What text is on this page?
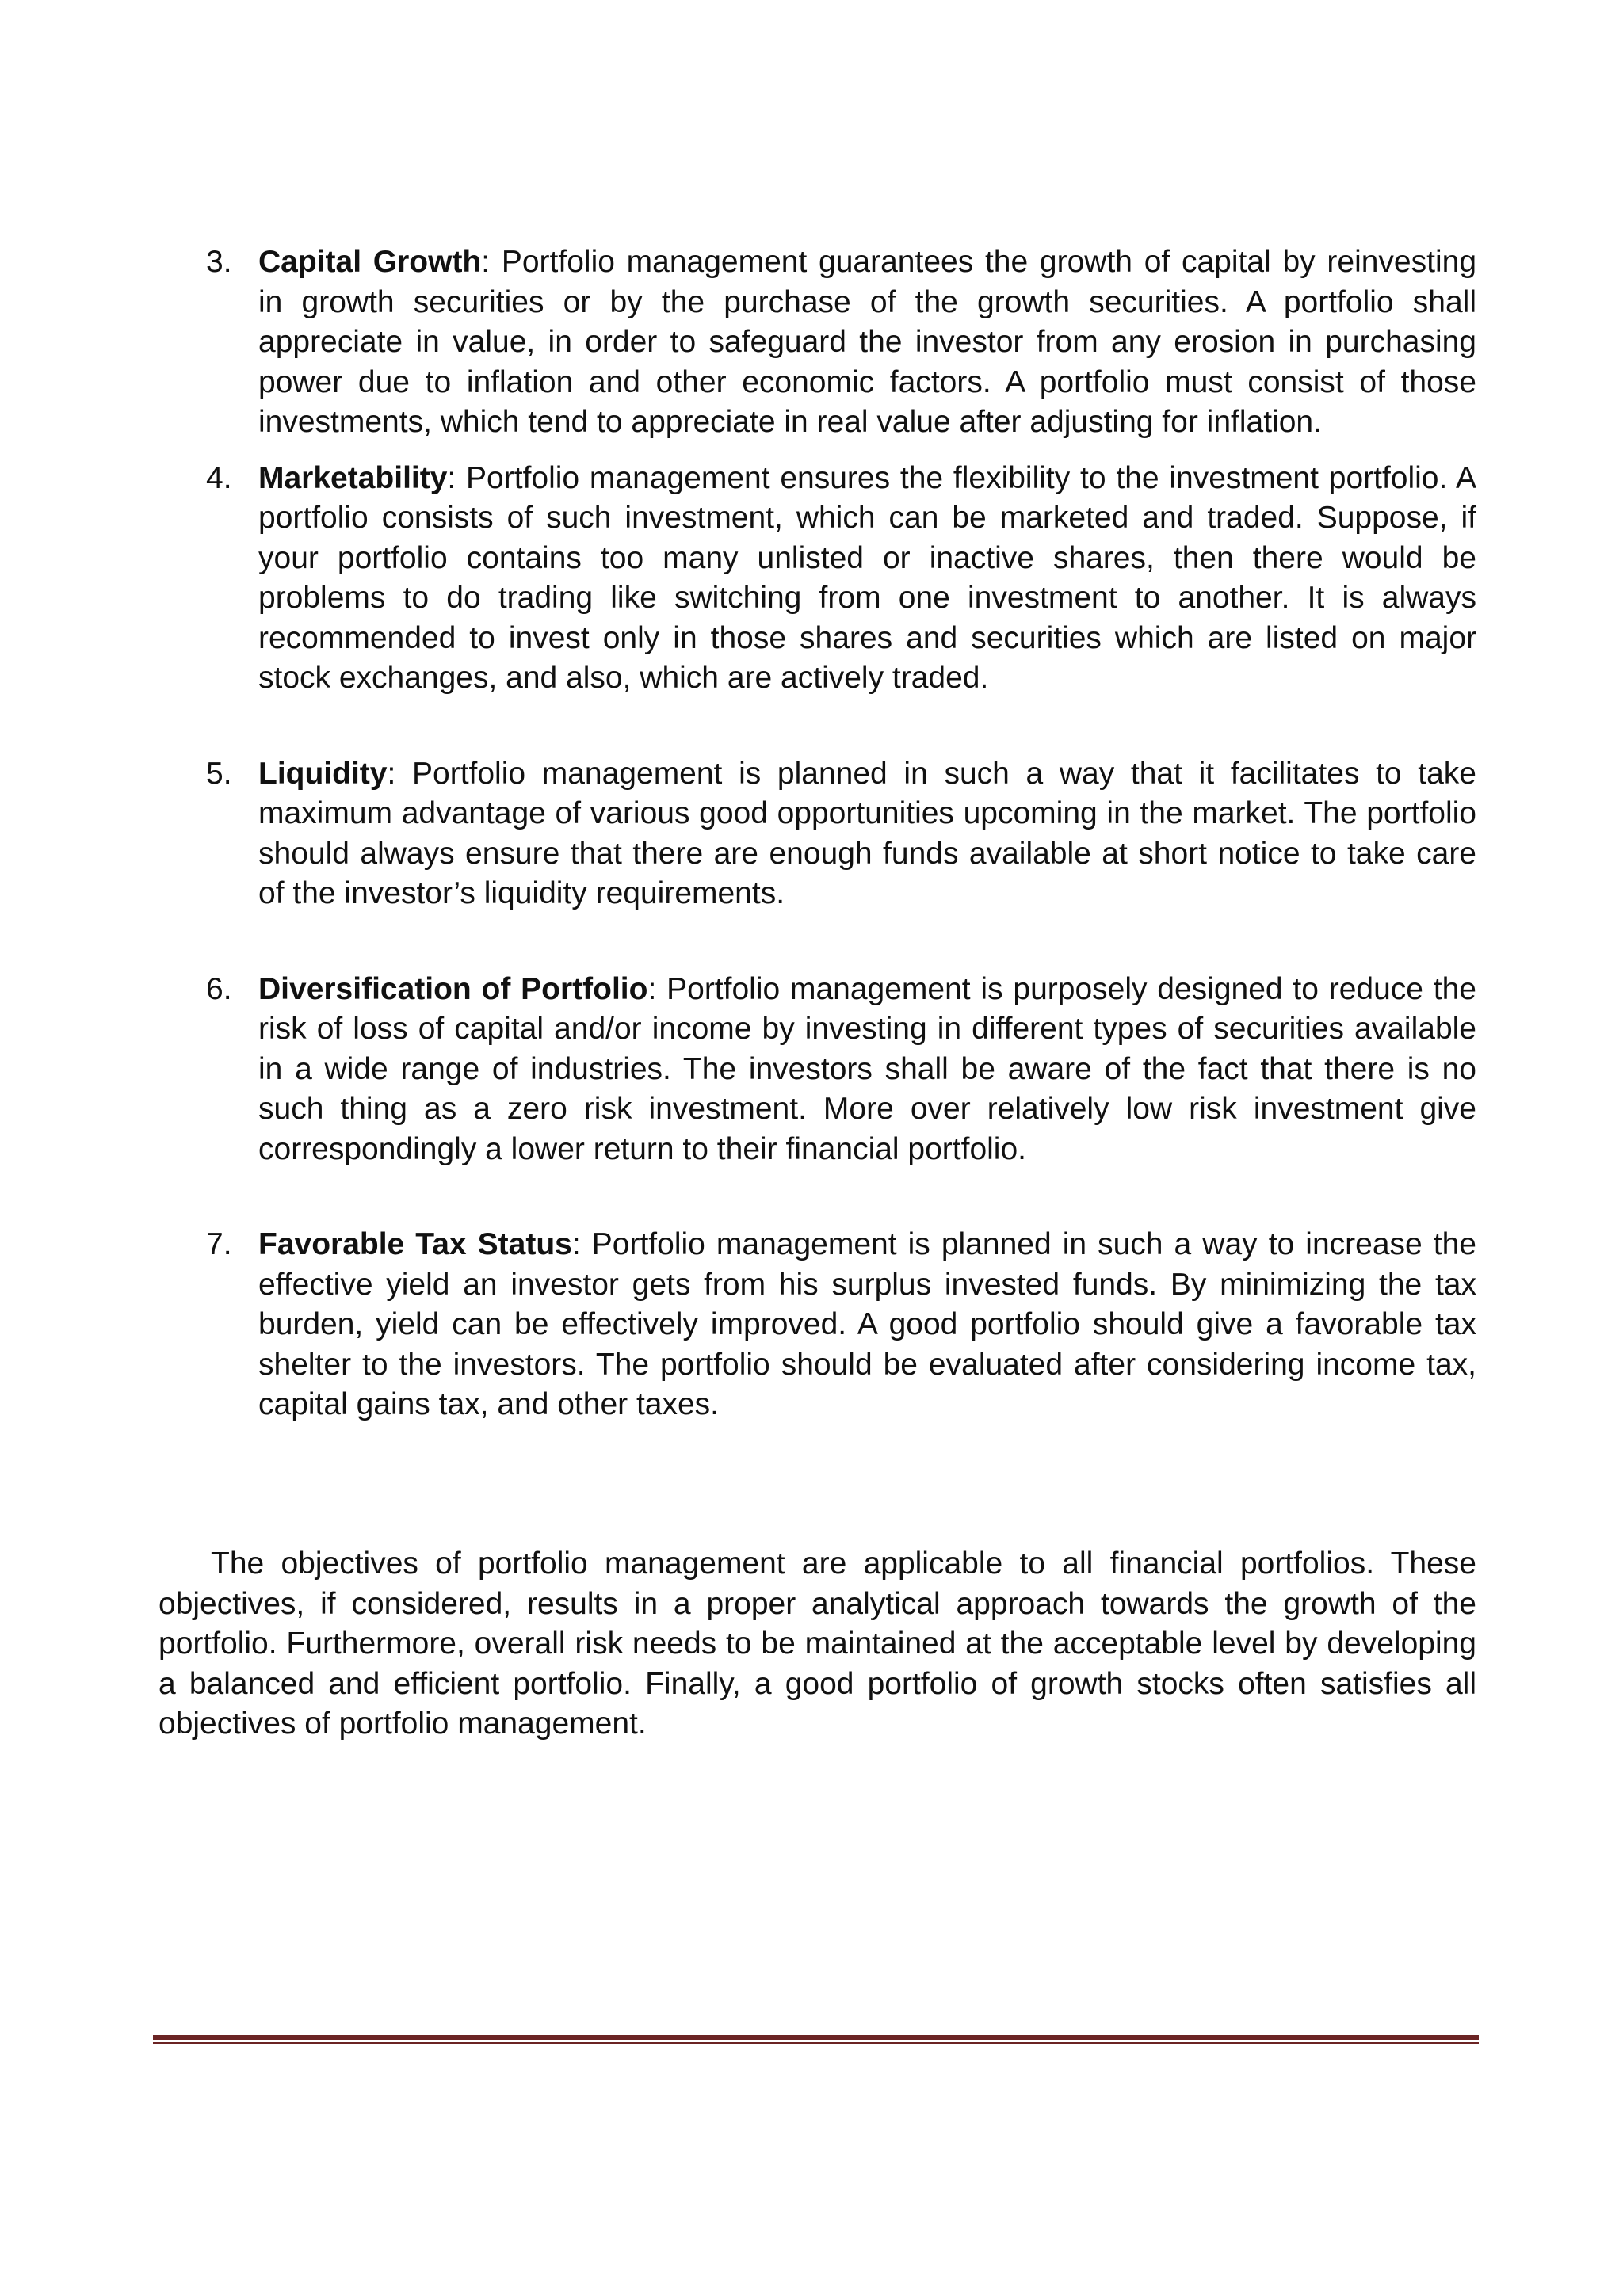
3. Capital Growth: Portfolio management guarantees the growth of capital by reinvesting in growth securities or by the purchase of the growth securities. A portfolio shall appreciate in value, in order to safeguard the investor from any erosion in purchasing power due to inflation and other economic factors. A portfolio must consist of those investments, which tend to appreciate in real value after adjusting for inflation.
4. Marketability: Portfolio management ensures the flexibility to the investment portfolio. A portfolio consists of such investment, which can be marketed and traded. Suppose, if your portfolio contains too many unlisted or inactive shares, then there would be problems to do trading like switching from one investment to another. It is always recommended to invest only in those shares and securities which are listed on major stock exchanges, and also, which are actively traded.
5. Liquidity: Portfolio management is planned in such a way that it facilitates to take maximum advantage of various good opportunities upcoming in the market. The portfolio should always ensure that there are enough funds available at short notice to take care of the investor’s liquidity requirements.
6. Diversification of Portfolio: Portfolio management is purposely designed to reduce the risk of loss of capital and/or income by investing in different types of securities available in a wide range of industries. The investors shall be aware of the fact that there is no such thing as a zero risk investment. More over relatively low risk investment give correspondingly a lower return to their financial portfolio.
7. Favorable Tax Status: Portfolio management is planned in such a way to increase the effective yield an investor gets from his surplus invested funds. By minimizing the tax burden, yield can be effectively improved. A good portfolio should give a favorable tax shelter to the investors. The portfolio should be evaluated after considering income tax, capital gains tax, and other taxes.

The objectives of portfolio management are applicable to all financial portfolios. These objectives, if considered, results in a proper analytical approach towards the growth of the portfolio. Furthermore, overall risk needs to be maintained at the acceptable level by developing a balanced and efficient portfolio. Finally, a good portfolio of growth stocks often satisfies all objectives of portfolio management.
